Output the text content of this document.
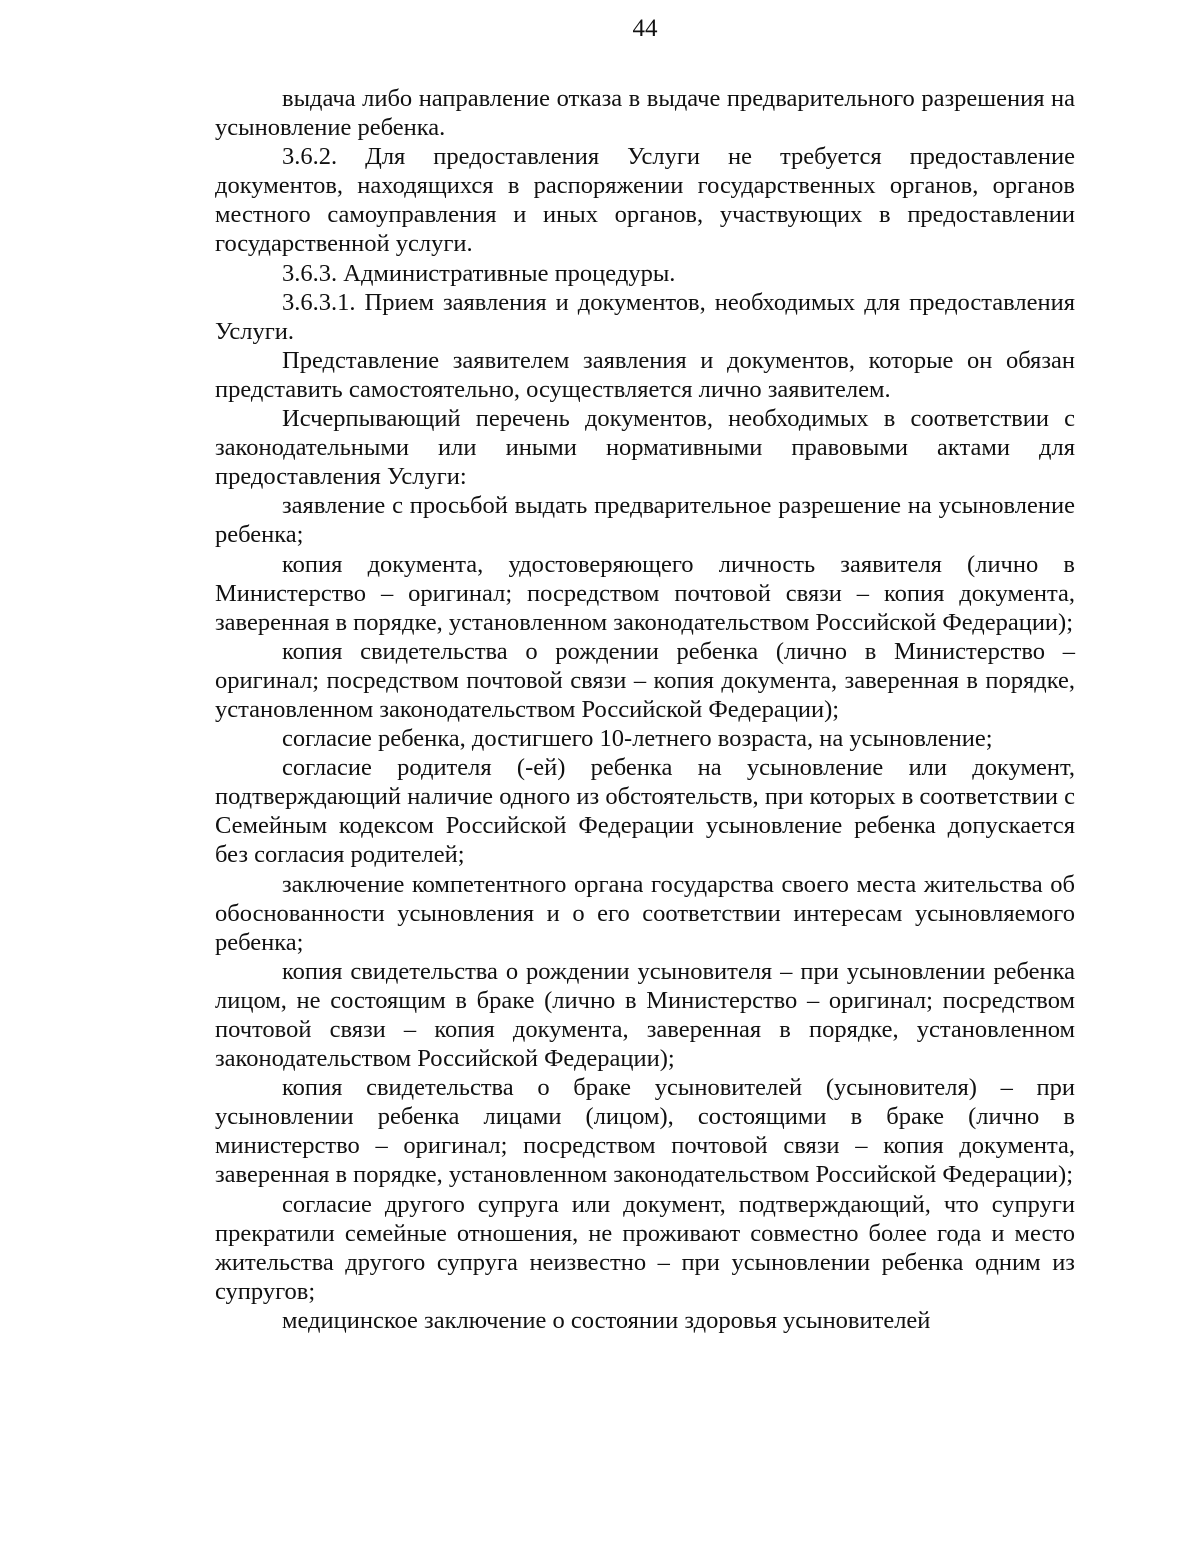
44

выдача либо направление отказа в выдаче предварительного разрешения на усыновление ребенка.

3.6.2. Для предоставления Услуги не требуется предоставление документов, находящихся в распоряжении государственных органов, органов местного самоуправления и иных органов, участвующих в предоставлении государственной услуги.

3.6.3. Административные процедуры.

3.6.3.1. Прием заявления и документов, необходимых для предоставления Услуги.

Представление заявителем заявления и документов, которые он обязан представить самостоятельно, осуществляется лично заявителем.

Исчерпывающий перечень документов, необходимых в соответствии с законодательными или иными нормативными правовыми актами для предоставления Услуги:

заявление с просьбой выдать предварительное разрешение на усыновление ребенка;

копия документа, удостоверяющего личность заявителя (лично в Министерство – оригинал; посредством почтовой связи – копия документа, заверенная в порядке, установленном законодательством Российской Федерации);

копия свидетельства о рождении ребенка (лично в Министерство – оригинал; посредством почтовой связи – копия документа, заверенная в порядке, установленном законодательством Российской Федерации);

согласие ребенка, достигшего 10-летнего возраста, на усыновление;

согласие родителя (-ей) ребенка на усыновление или документ, подтверждающий наличие одного из обстоятельств, при которых в соответствии с Семейным кодексом Российской Федерации усыновление ребенка допускается без согласия родителей;

заключение компетентного органа государства своего места жительства об обоснованности усыновления и о его соответствии интересам усыновляемого ребенка;

копия свидетельства о рождении усыновителя – при усыновлении ребенка лицом, не состоящим в браке (лично в Министерство – оригинал; посредством почтовой связи – копия документа, заверенная в порядке, установленном законодательством Российской Федерации);

копия свидетельства о браке усыновителей (усыновителя) – при усыновлении ребенка лицами (лицом), состоящими в браке (лично в министерство – оригинал; посредством почтовой связи – копия документа, заверенная в порядке, установленном законодательством Российской Федерации);

согласие другого супруга или документ, подтверждающий, что супруги прекратили семейные отношения, не проживают совместно более года и место жительства другого супруга неизвестно – при усыновлении ребенка одним из супругов;

медицинское заключение о состоянии здоровья усыновителей
